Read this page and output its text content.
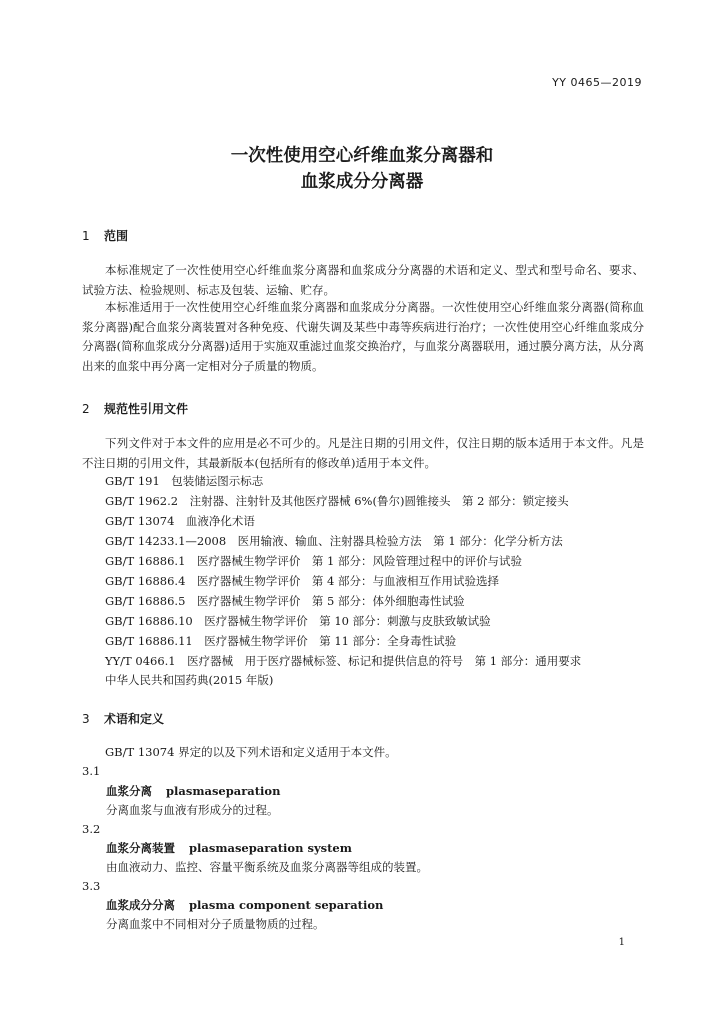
YY 0465—2019
一次性使用空心纤维血浆分离器和
血浆成分分离器
1 范围

本标准规定了一次性使用空心纤维血浆分离器和血浆成分分离器的术语和定义、型式和型号命名、要求、试验方法、检验规则、标志及包装、运输、贮存。

本标准适用于一次性使用空心纤维血浆分离器和血浆成分分离器。一次性使用空心纤维血浆分离器(简称血浆分离器)配合血浆分离装置对各种免疫、代谢失调及某些中毒等疾病进行治疗；一次性使用空心纤维血浆成分分离器(简称血浆成分分离器)适用于实施双重滤过血浆交换治疗，与血浆分离器联用，通过膜分离方法，从分离出来的血浆中再分离一定相对分子质量的物质。

2 规范性引用文件

下列文件对于本文件的应用是必不可少的。凡是注日期的引用文件，仅注日期的版本适用于本文件。凡是不注日期的引用文件，其最新版本(包括所有的修改单)适用于本文件。

GB/T 191　包装储运图示标志
GB/T 1962.2　注射器、注射针及其他医疗器械 6%(鲁尔)圆锥接头　第 2 部分：锁定接头
GB/T 13074　血液净化术语
GB/T 14233.1—2008　医用输液、输血、注射器具检验方法　第 1 部分：化学分析方法
GB/T 16886.1　医疗器械生物学评价　第 1 部分：风险管理过程中的评价与试验
GB/T 16886.4　医疗器械生物学评价　第 4 部分：与血液相互作用试验选择
GB/T 16886.5　医疗器械生物学评价　第 5 部分：体外细胞毒性试验
GB/T 16886.10　医疗器械生物学评价　第 10 部分：刺激与皮肤致敏试验
GB/T 16886.11　医疗器械生物学评价　第 11 部分：全身毒性试验
YY/T 0466.1　医疗器械　用于医疗器械标签、标记和提供信息的符号　第 1 部分：通用要求
中华人民共和国药典(2015 年版)
3 术语和定义
GB/T 13074 界定的以及下列术语和定义适用于本文件。
3.1
血浆分离 plasmaseparation
分离血浆与血液有形成分的过程。
3.2
血浆分离装置 plasmaseparation system
由血液动力、监控、容量平衡系统及血浆分离器等组成的装置。
3.3
血浆成分分离 plasma component separation
分离血浆中不同相对分子质量物质的过程。
1
